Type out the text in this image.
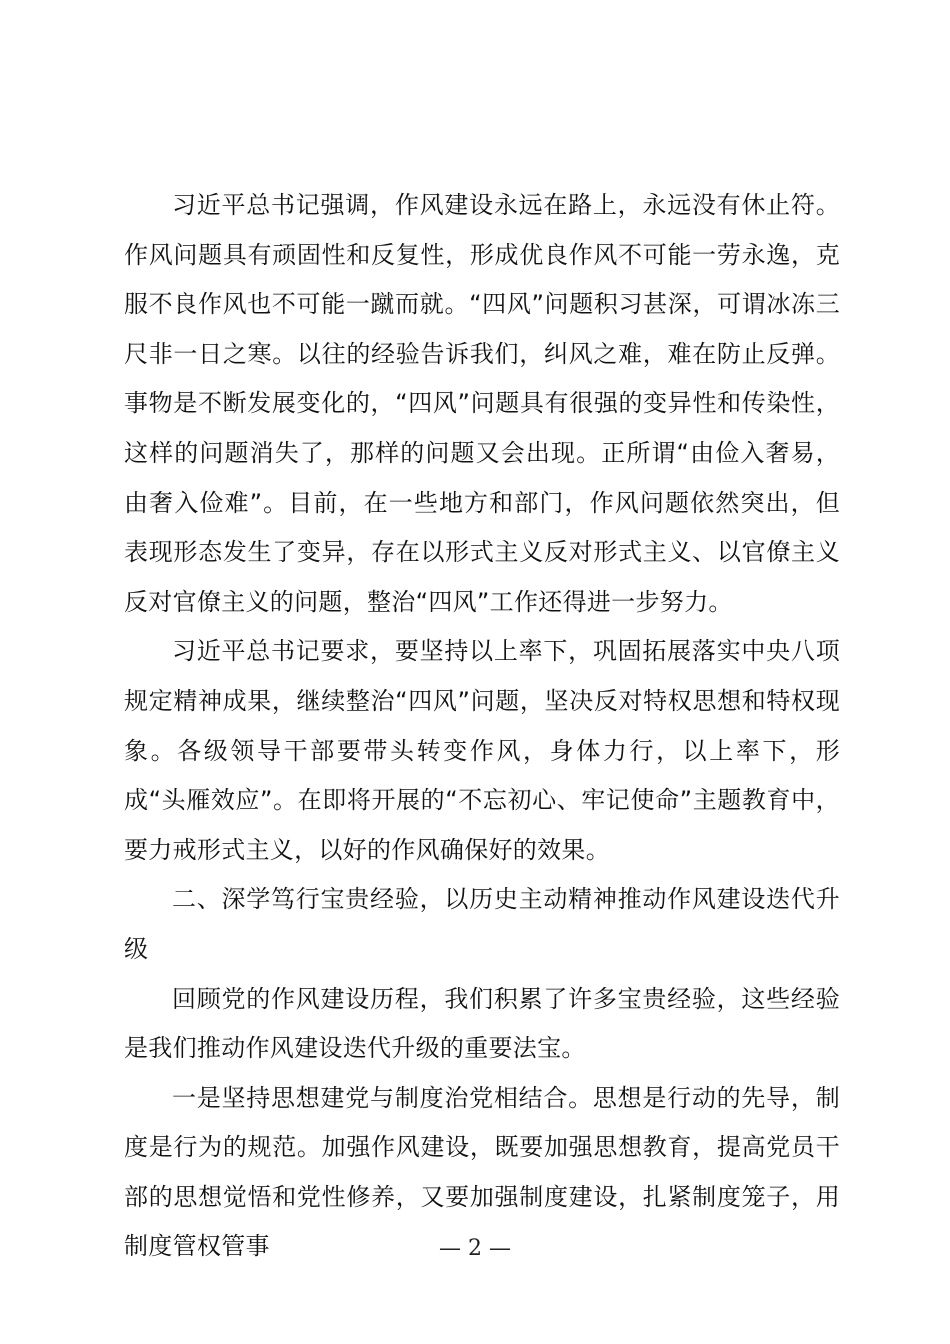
习近平总书记强调，作风建设永远在路上，永远没有休止符。作风问题具有顽固性和反复性，形成优良作风不可能一劳永逸，克服不良作风也不可能一蹴而就。“四风”问题积习甚深，可谓冰冻三尺非一日之寒。以往的经验告诉我们，纠风之难，难在防止反弹。事物是不断发展变化的，“四风”问题具有很强的变异性和传染性，这样的问题消失了，那样的问题又会出现。正所谓“由俭入奢易，由奢入俭难”。目前，在一些地方和部门，作风问题依然突出，但表现形态发生了变异，存在以形式主义反对形式主义、以官僚主义反对官僚主义的问题，整治“四风”工作还得进一步努力。

习近平总书记要求，要坚持以上率下，巩固拓展落实中央八项规定精神成果，继续整治“四风”问题，坚决反对特权思想和特权现象。各级领导干部要带头转变作风，身体力行，以上率下，形成“头雁效应”。在即将开展的“不忘初心、牢记使命”主题教育中，要力戒形式主义，以好的作风确保好的效果。

二、深学笃行宝贵经验，以历史主动精神推动作风建设迭代升级

回顾党的作风建设历程，我们积累了许多宝贵经验，这些经验是我们推动作风建设迭代升级的重要法宝。

一是坚持思想建党与制度治党相结合。思想是行动的先导，制度是行为的规范。加强作风建设，既要加强思想教育，提高党员干部的思想觉悟和党性修养，又要加强制度建设，扎紧制度笼子，用制度管权管事	— 2 —
